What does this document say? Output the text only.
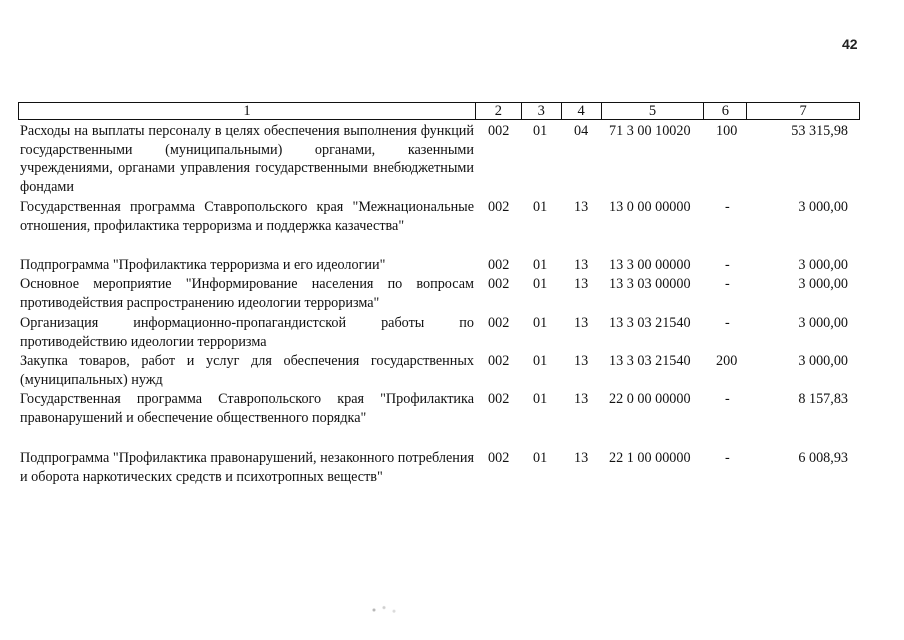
42
1	2	3	4	5	6	7
Расходы на выплаты персоналу в целях обеспечения выполнения функций государственными (муниципальными) органами, казенными учреждениями, органами управления государственными внебюджетными фондами
002 01 04 71 3 00 10020 100	53 315,98
Государственная программа Ставропольского края "Межнациональные отношения, профилактика терроризма и поддержка казачества"
002 01 13 13 0 00 00000 -	3 000,00
Подпрограмма "Профилактика терроризма и его идеологии"	002 01 13 13 3 00 00000 -	3 000,00
Основное мероприятие "Информирование населения по вопросам противодействия распространению идеологии терроризма"
002 01 13 13 3 03 00000 -	3 000,00
Организация информационно-пропагандистской работы по противодействию идеологии терроризма
002 01 13 13 3 03 21540 -	3 000,00
Закупка товаров, работ и услуг для обеспечения государственных (муниципальных) нужд
002 01 13 13 3 03 21540 200	3 000,00
Государственная программа Ставропольского края "Профилактика правонарушений и обеспечение общественного порядка"
002 01 13 22 0 00 00000 -	8 157,83
Подпрограмма "Профилактика правонарушений, незаконного потребления и оборота наркотических средств и психотропных веществ"
002 01 13 22 1 00 00000 -	6 008,93
